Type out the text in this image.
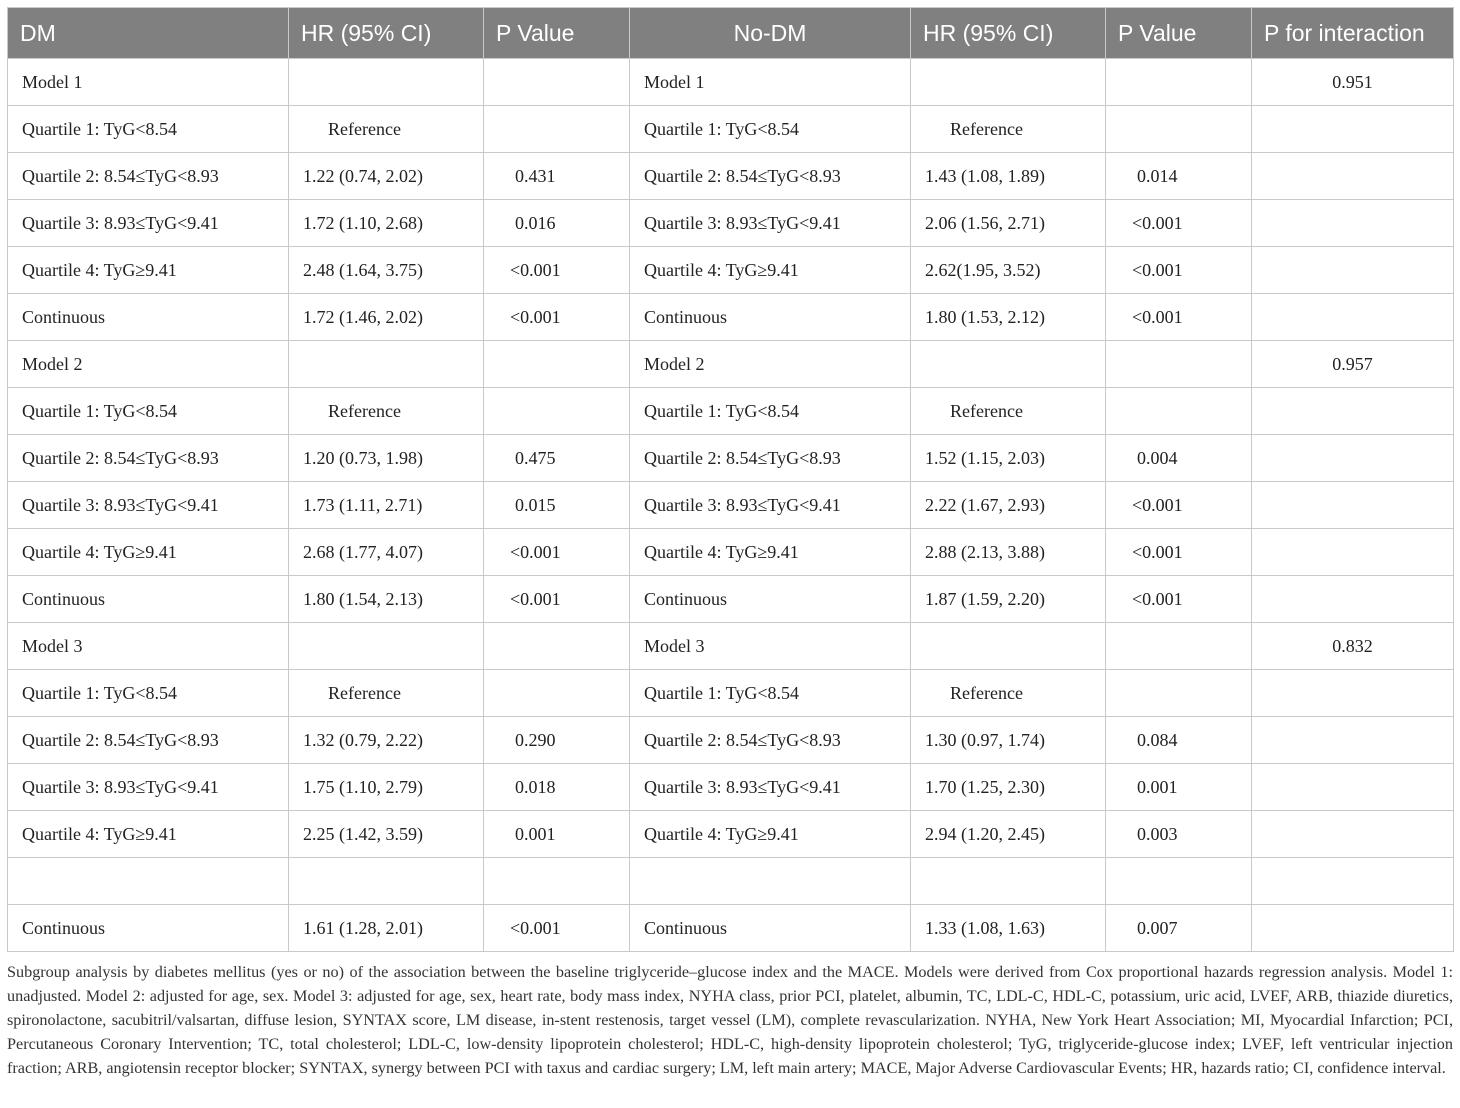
DM	HR (95% CI)	P Value	No-DM	HR (95% CI)	P Value	P for interaction
Model 1			Model 1			0.951
Quartile 1: TyG<8.54	Reference		Quartile 1: TyG<8.54	Reference		
Quartile 2: 8.54≤TyG<8.93	1.22 (0.74, 2.02)	0.431	Quartile 2: 8.54≤TyG<8.93	1.43 (1.08, 1.89)	0.014	
Quartile 3: 8.93≤TyG<9.41	1.72 (1.10, 2.68)	0.016	Quartile 3: 8.93≤TyG<9.41	2.06 (1.56, 2.71)	<0.001	
Quartile 4: TyG≥9.41	2.48 (1.64, 3.75)	<0.001	Quartile 4: TyG≥9.41	2.62(1.95, 3.52)	<0.001	
Continuous	1.72 (1.46, 2.02)	<0.001	Continuous	1.80 (1.53, 2.12)	<0.001	
Model 2			Model 2			0.957
Quartile 1: TyG<8.54	Reference		Quartile 1: TyG<8.54	Reference		
Quartile 2: 8.54≤TyG<8.93	1.20 (0.73, 1.98)	0.475	Quartile 2: 8.54≤TyG<8.93	1.52 (1.15, 2.03)	0.004	
Quartile 3: 8.93≤TyG<9.41	1.73 (1.11, 2.71)	0.015	Quartile 3: 8.93≤TyG<9.41	2.22 (1.67, 2.93)	<0.001	
Quartile 4: TyG≥9.41	2.68 (1.77, 4.07)	<0.001	Quartile 4: TyG≥9.41	2.88 (2.13, 3.88)	<0.001	
Continuous	1.80 (1.54, 2.13)	<0.001	Continuous	1.87 (1.59, 2.20)	<0.001	
Model 3			Model 3			0.832
Quartile 1: TyG<8.54	Reference		Quartile 1: TyG<8.54	Reference		
Quartile 2: 8.54≤TyG<8.93	1.32 (0.79, 2.22)	0.290	Quartile 2: 8.54≤TyG<8.93	1.30 (0.97, 1.74)	0.084	
Quartile 3: 8.93≤TyG<9.41	1.75 (1.10, 2.79)	0.018	Quartile 3: 8.93≤TyG<9.41	1.70 (1.25, 2.30)	0.001	
Quartile 4: TyG≥9.41	2.25 (1.42, 3.59)	0.001	Quartile 4: TyG≥9.41	2.94 (1.20, 2.45)	0.003	

Continuous	1.61 (1.28, 2.01)	<0.001	Continuous	1.33 (1.08, 1.63)	0.007	

Subgroup analysis by diabetes mellitus (yes or no) of the association between the baseline triglyceride–glucose index and the MACE. Models were derived from Cox proportional hazards regression analysis. Model 1: unadjusted. Model 2: adjusted for age, sex. Model 3: adjusted for age, sex, heart rate, body mass index, NYHA class, prior PCI, platelet, albumin, TC, LDL-C, HDL-C, potassium, uric acid, LVEF, ARB, thiazide diuretics, spironolactone, sacubitril/valsartan, diffuse lesion, SYNTAX score, LM disease, in-stent restenosis, target vessel (LM), complete revascularization. NYHA, New York Heart Association; MI, Myocardial Infarction; PCI, Percutaneous Coronary Intervention; TC, total cholesterol; LDL-C, low-density lipoprotein cholesterol; HDL-C, high-density lipoprotein cholesterol; TyG, triglyceride-glucose index; LVEF, left ventricular injection fraction; ARB, angiotensin receptor blocker; SYNTAX, synergy between PCI with taxus and cardiac surgery; LM, left main artery; MACE, Major Adverse Cardiovascular Events; HR, hazards ratio; CI, confidence interval.
